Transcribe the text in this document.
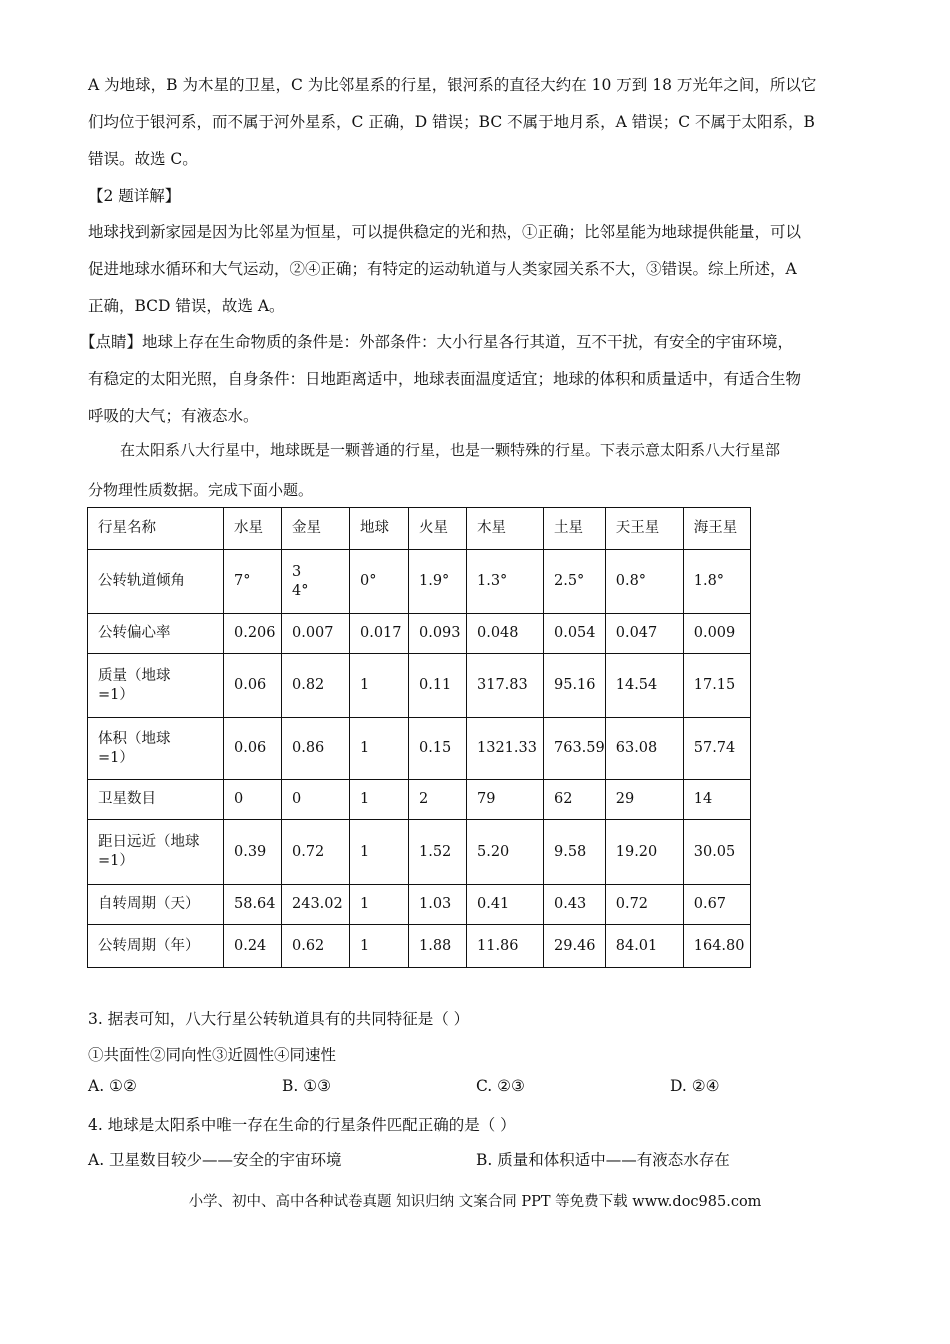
A 为地球，B 为木星的卫星，C 为比邻星系的行星，银河系的直径大约在 10 万到 18 万光年之间，所以它
们均位于银河系，而不属于河外星系，C 正确，D 错误；BC 不属于地月系，A 错误；C 不属于太阳系，B
错误。故选 C。
【2 题详解】
地球找到新家园是因为比邻星为恒星，可以提供稳定的光和热，①正确；比邻星能为地球提供能量，可以
促进地球水循环和大气运动，②④正确；有特定的运动轨道与人类家园关系不大，③错误。综上所述，A
正确，BCD 错误，故选 A。
【点睛】地球上存在生命物质的条件是：外部条件：大小行星各行其道，互不干扰，有安全的宇宙环境，
有稳定的太阳光照，自身条件：日地距离适中，地球表面温度适宜；地球的体积和质量适中，有适合生物
呼吸的大气；有液态水。
在太阳系八大行星中，地球既是一颗普通的行星，也是一颗特殊的行星。下表示意太阳系八大行星部
分物理性质数据。完成下面小题。
行星名称	水星	金星	地球	火星	木星	土星	天王星	海王星

公转轨道倾角	7°	3
4°	0°	1.9°	1.3°	2.5°	0.8°	1.8°

公转偏心率	0.206	0.007	0.017	0.093	0.048	0.054	0.047	0.009

质量（地球
=1）	0.06	0.82	1	0.11	317.83	95.16	14.54	17.15

体积（地球
=1）	0.06	0.86	1	0.15	1321.33	763.59	63.08	57.74

卫星数目	0	0	1	2	79	62	29	14

距日远近（地球
=1）	0.39	0.72	1	1.52	5.20	9.58	19.20	30.05

自转周期（天）	58.64	243.02	1	1.03	0.41	0.43	0.72	0.67

公转周期（年）	0.24	0.62	1	1.88	11.86	29.46	84.01	164.80
3. 据表可知，八大行星公转轨道具有的共同特征是（ ）
①共面性②同向性③近圆性④同速性
A. ①②	B. ①③	C. ②③	D. ②④
4. 地球是太阳系中唯一存在生命的行星条件匹配正确的是（ ）
A. 卫星数目较少——安全的宇宙环境	B. 质量和体积适中——有液态水存在
小学、初中、高中各种试卷真题 知识归纳 文案合同 PPT 等免费下载 www.doc985.com
